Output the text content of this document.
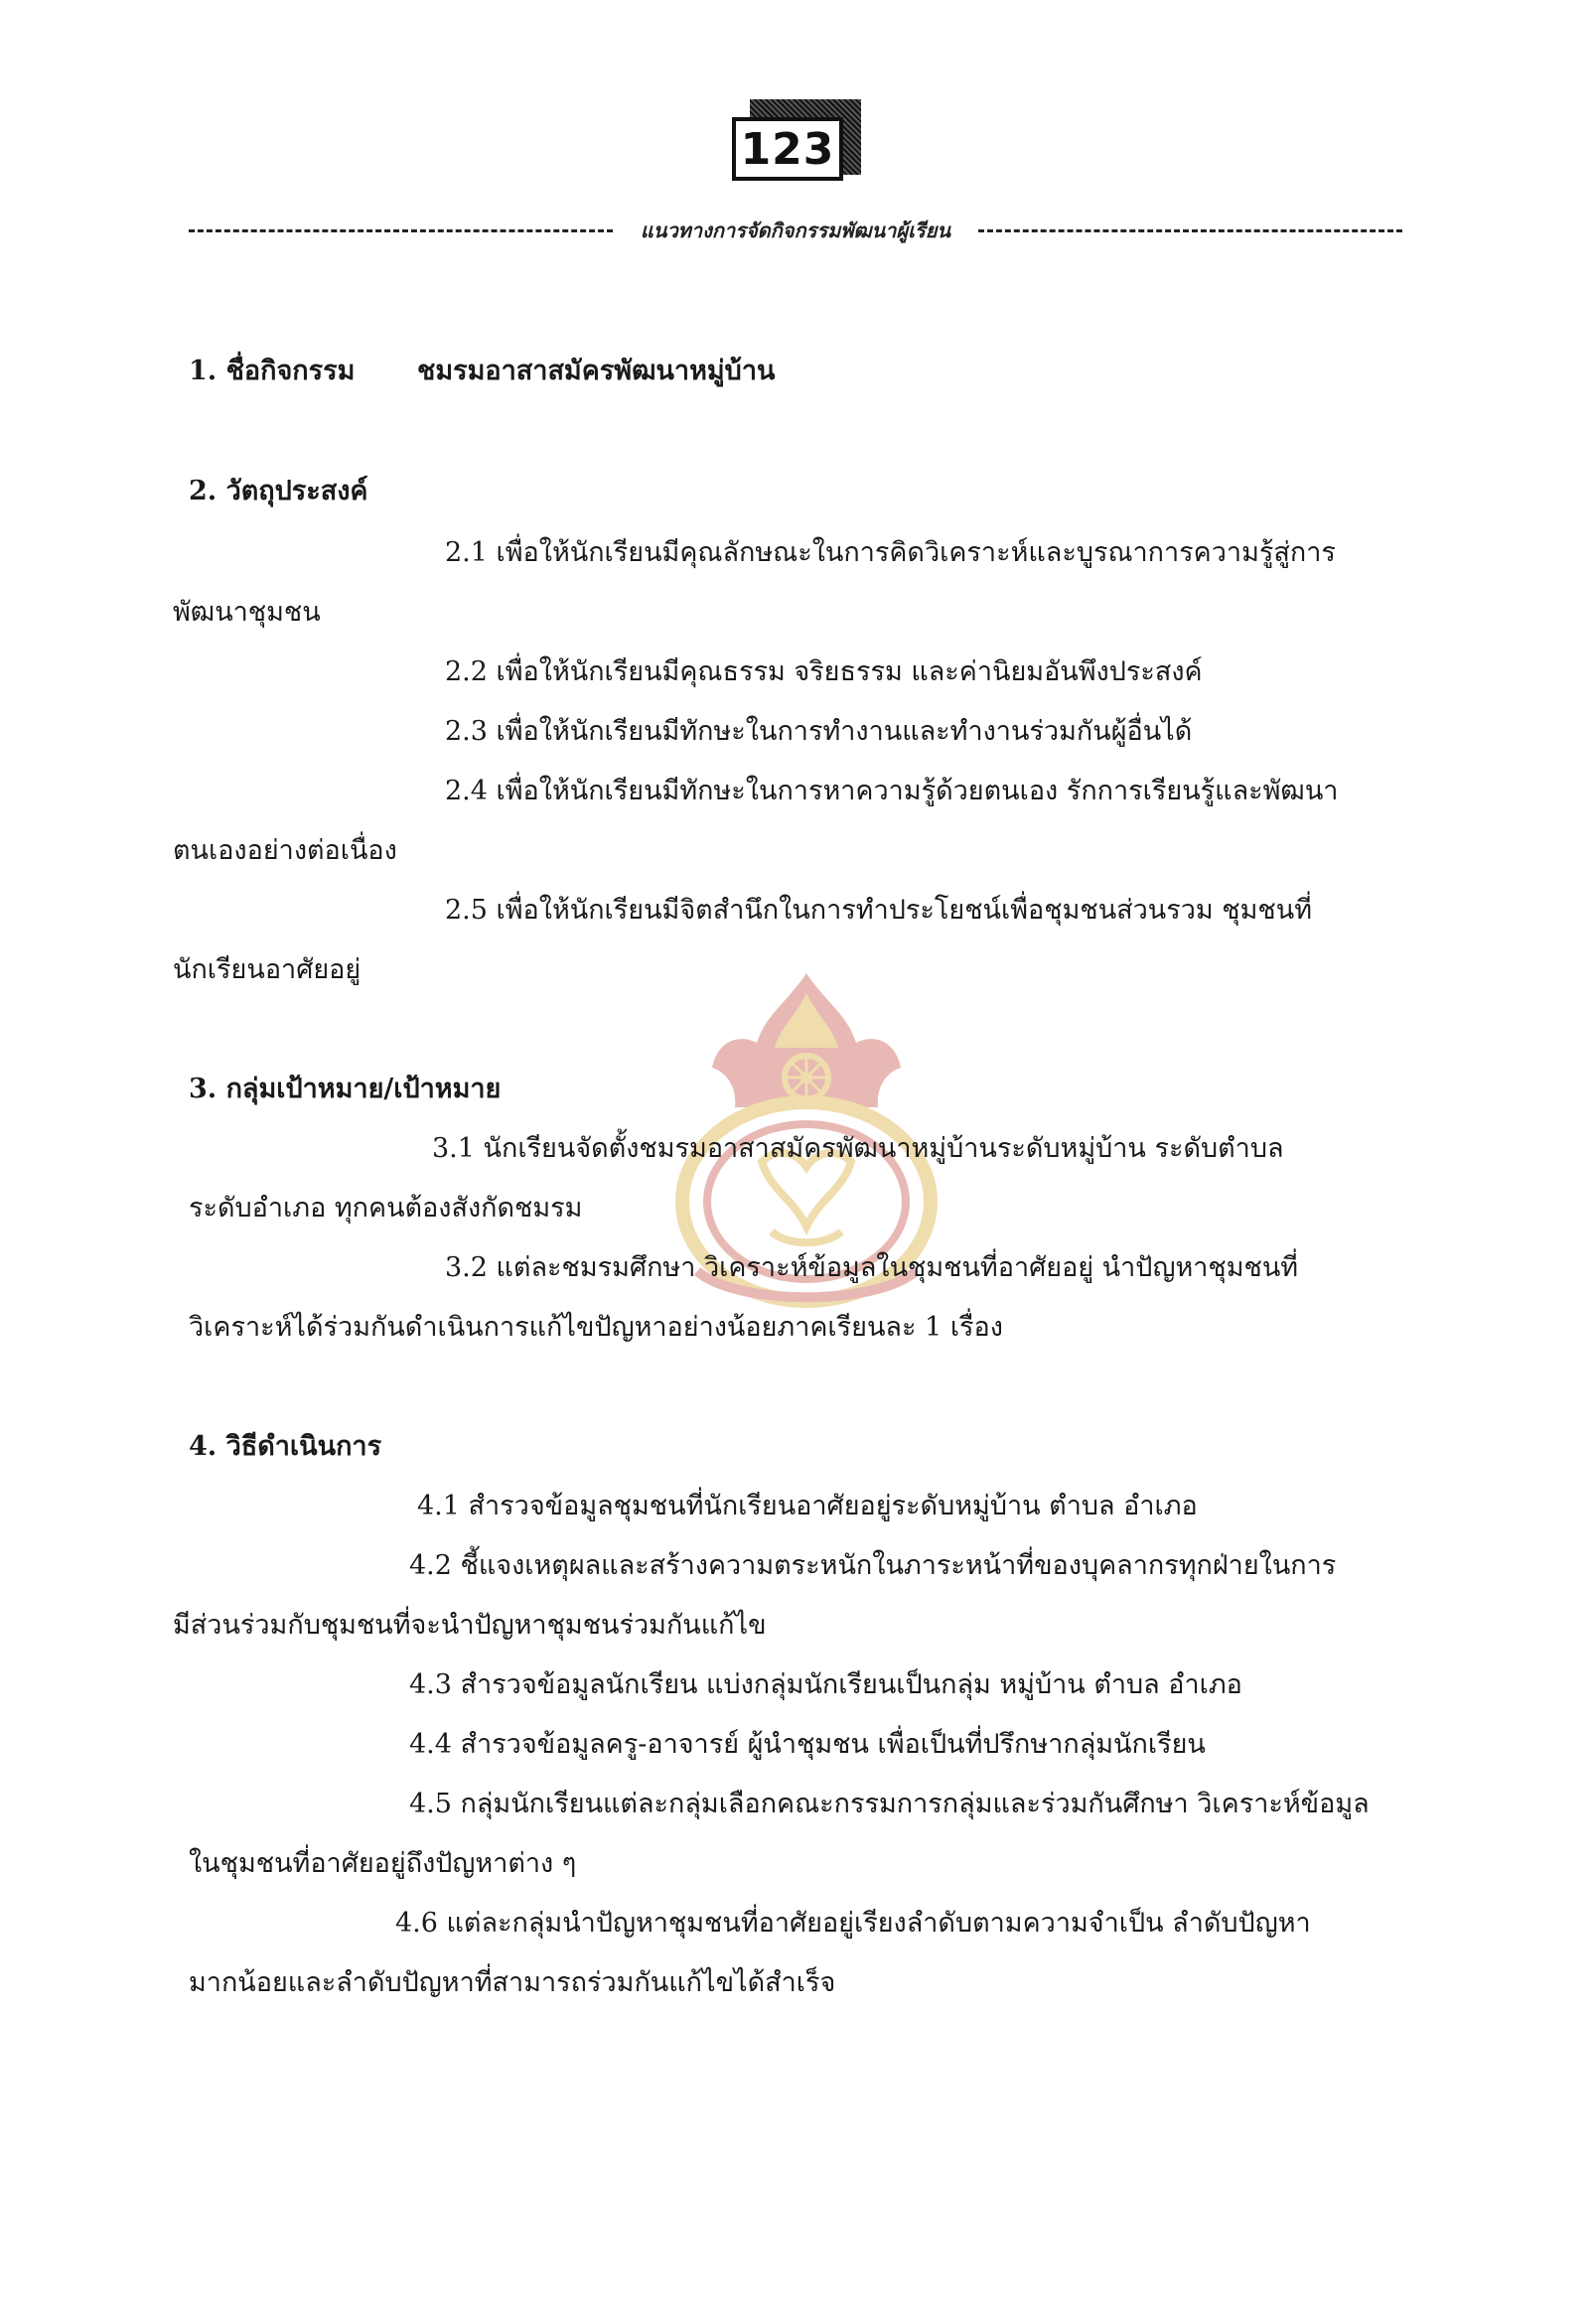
123
แนวทางการจัดกิจกรรมพัฒนาผู้เรียน
1. ชื่อกิจกรรม ชมรมอาสาสมัครพัฒนาหมู่บ้าน
2. วัตถุประสงค์
2.1 เพื่อให้นักเรียนมีคุณลักษณะในการคิดวิเคราะห์และบูรณาการความรู้สู่การ
พัฒนาชุมชน
2.2 เพื่อให้นักเรียนมีคุณธรรม จริยธรรม และค่านิยมอันพึงประสงค์
2.3 เพื่อให้นักเรียนมีทักษะในการทำงานและทำงานร่วมกันผู้อื่นได้
2.4 เพื่อให้นักเรียนมีทักษะในการหาความรู้ด้วยตนเอง รักการเรียนรู้และพัฒนา
ตนเองอย่างต่อเนื่อง
2.5 เพื่อให้นักเรียนมีจิตสำนึกในการทำประโยชน์เพื่อชุมชนส่วนรวม ชุมชนที่
นักเรียนอาศัยอยู่
3. กลุ่มเป้าหมาย/เป้าหมาย
3.1 นักเรียนจัดตั้งชมรมอาสาสมัครพัฒนาหมู่บ้านระดับหมู่บ้าน ระดับตำบล
ระดับอำเภอ ทุกคนต้องสังกัดชมรม
3.2 แต่ละชมรมศึกษา วิเคราะห์ข้อมูลในชุมชนที่อาศัยอยู่ นำปัญหาชุมชนที่
วิเคราะห์ได้ร่วมกันดำเนินการแก้ไขปัญหาอย่างน้อยภาคเรียนละ 1 เรื่อง
4. วิธีดำเนินการ
4.1 สำรวจข้อมูลชุมชนที่นักเรียนอาศัยอยู่ระดับหมู่บ้าน ตำบล อำเภอ
4.2 ชี้แจงเหตุผลและสร้างความตระหนักในภาระหน้าที่ของบุคลากรทุกฝ่ายในการ
มีส่วนร่วมกับชุมชนที่จะนำปัญหาชุมชนร่วมกันแก้ไข
4.3 สำรวจข้อมูลนักเรียน แบ่งกลุ่มนักเรียนเป็นกลุ่ม หมู่บ้าน ตำบล อำเภอ
4.4 สำรวจข้อมูลครู-อาจารย์ ผู้นำชุมชน เพื่อเป็นที่ปรึกษากลุ่มนักเรียน
4.5 กลุ่มนักเรียนแต่ละกลุ่มเลือกคณะกรรมการกลุ่มและร่วมกันศึกษา วิเคราะห์ข้อมูล
ในชุมชนที่อาศัยอยู่ถึงปัญหาต่าง ๆ
4.6 แต่ละกลุ่มนำปัญหาชุมชนที่อาศัยอยู่เรียงลำดับตามความจำเป็น ลำดับปัญหา
มากน้อยและลำดับปัญหาที่สามารถร่วมกันแก้ไขได้สำเร็จ
